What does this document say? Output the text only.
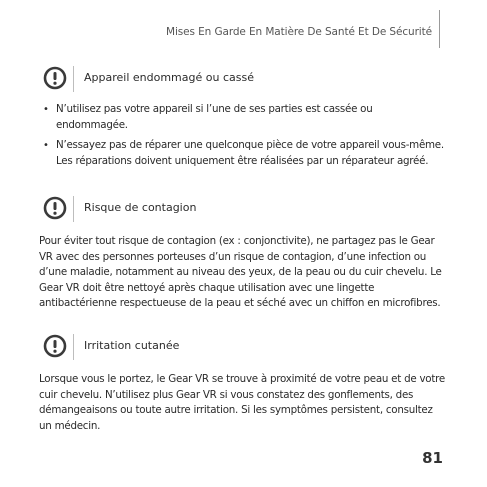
Mises En Garde En Matière De Santé Et De Sécurité
Appareil endommagé ou cassé
• N’utilisez pas votre appareil si l’une de ses parties est cassée ou endommagée.
• N’essayez pas de réparer une quelconque pièce de votre appareil vous-même. Les réparations doivent uniquement être réalisées par un réparateur agréé.
Risque de contagion

Pour éviter tout risque de contagion (ex : conjonctivite), ne partagez pas le Gear VR avec des personnes porteuses d’un risque de contagion, d’une infection ou d’une maladie, notamment au niveau des yeux, de la peau ou du cuir chevelu. Le Gear VR doit être nettoyé après chaque utilisation avec une lingette antibactérienne respectueuse de la peau et séché avec un chiffon en microfibres.

Irritation cutanée

Lorsque vous le portez, le Gear VR se trouve à proximité de votre peau et de votre cuir chevelu. N’utilisez plus Gear VR si vous constatez des gonflements, des démangeaisons ou toute autre irritation. Si les symptômes persistent, consultez un médecin.

81
